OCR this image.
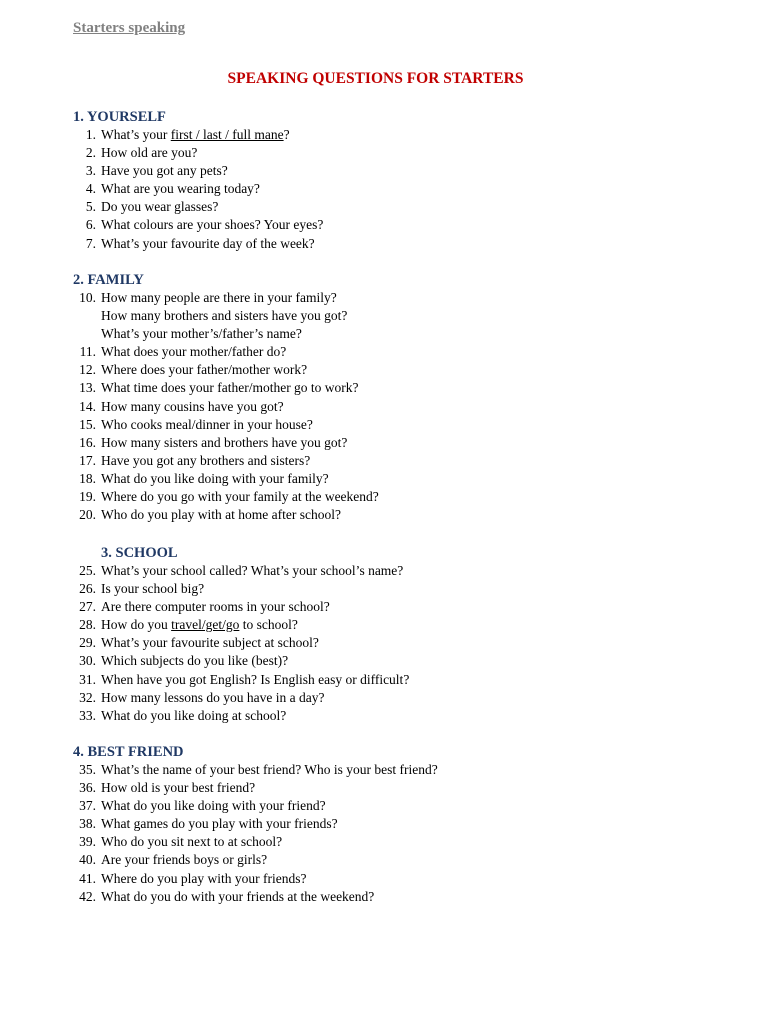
Starters speaking
SPEAKING QUESTIONS FOR STARTERS
1. YOURSELF
1. What’s your first / last / full mane?
2. How old are you?
3. Have you got any pets?
4. What are you wearing today?
5. Do you wear glasses?
6. What colours are your shoes? Your eyes?
7. What’s your favourite day of the week?
2. FAMILY
10. How many people are there in your family?
How many brothers and sisters have you got?
What’s your mother’s/father’s name?
11. What does your mother/father do?
12. Where does your father/mother work?
13. What time does your father/mother go to work?
14. How many cousins have you got?
15. Who cooks meal/dinner in your house?
16. How many sisters and brothers have you got?
17. Have you got any brothers and sisters?
18. What do you like doing with your family?
19. Where do you go with your family at the weekend?
20. Who do you play with at home after school?
3. SCHOOL
25. What’s your school called? What’s your school’s name?
26. Is your school big?
27. Are there computer rooms in your school?
28. How do you travel/get/go to school?
29. What’s your favourite subject at school?
30. Which subjects do you like (best)?
31. When have you got English? Is English easy or difficult?
32. How many lessons do you have in a day?
33. What do you like doing at school?
4. BEST FRIEND
35. What’s the name of your best friend? Who is your best friend?
36. How old is your best friend?
37. What do you like doing with your friend?
38. What games do you play with your friends?
39. Who do you sit next to at school?
40. Are your friends boys or girls?
41. Where do you play with your friends?
42. What do you do with your friends at the weekend?
